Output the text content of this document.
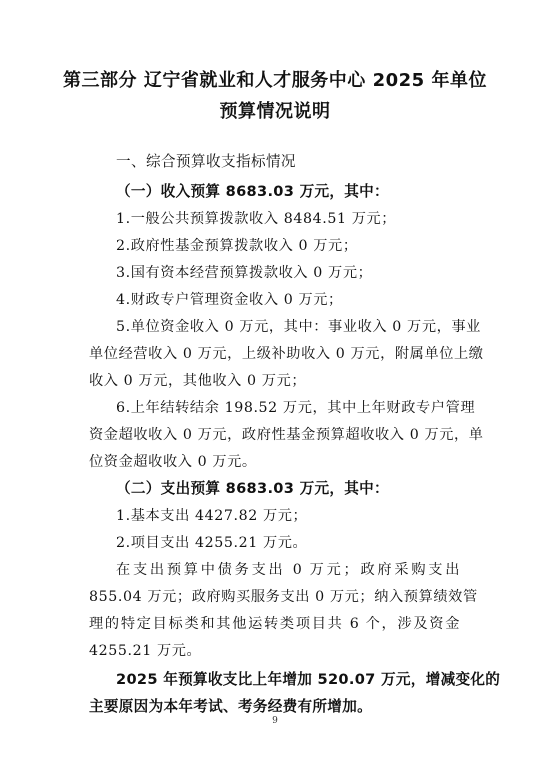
第三部分 辽宁省就业和人才服务中心 2025 年单位
预算情况说明
一、综合预算收支指标情况
（一）收入预算 8683.03 万元，其中：
1.一般公共预算拨款收入 8484.51 万元；
2.政府性基金预算拨款收入 0 万元；
3.国有资本经营预算拨款收入 0 万元；
4.财政专户管理资金收入 0 万元；
5.单位资金收入 0 万元，其中：事业收入 0 万元，事业
单位经营收入 0 万元，上级补助收入 0 万元，附属单位上缴
收入 0 万元，其他收入 0 万元；
6.上年结转结余 198.52 万元，其中上年财政专户管理
资金超收收入 0 万元，政府性基金预算超收收入 0 万元，单
位资金超收收入 0 万元。
（二）支出预算 8683.03 万元，其中：
1.基本支出 4427.82 万元；
2.项目支出 4255.21 万元。
在支出预算中债务支出 0 万元；政府采购支出
855.04 万元；政府购买服务支出 0 万元；纳入预算绩效管
理的特定目标类和其他运转类项目共 6 个，涉及资金
4255.21 万元。
2025 年预算收支比上年增加 520.07 万元，增减变化的
主要原因为本年考试、考务经费有所增加。
9
